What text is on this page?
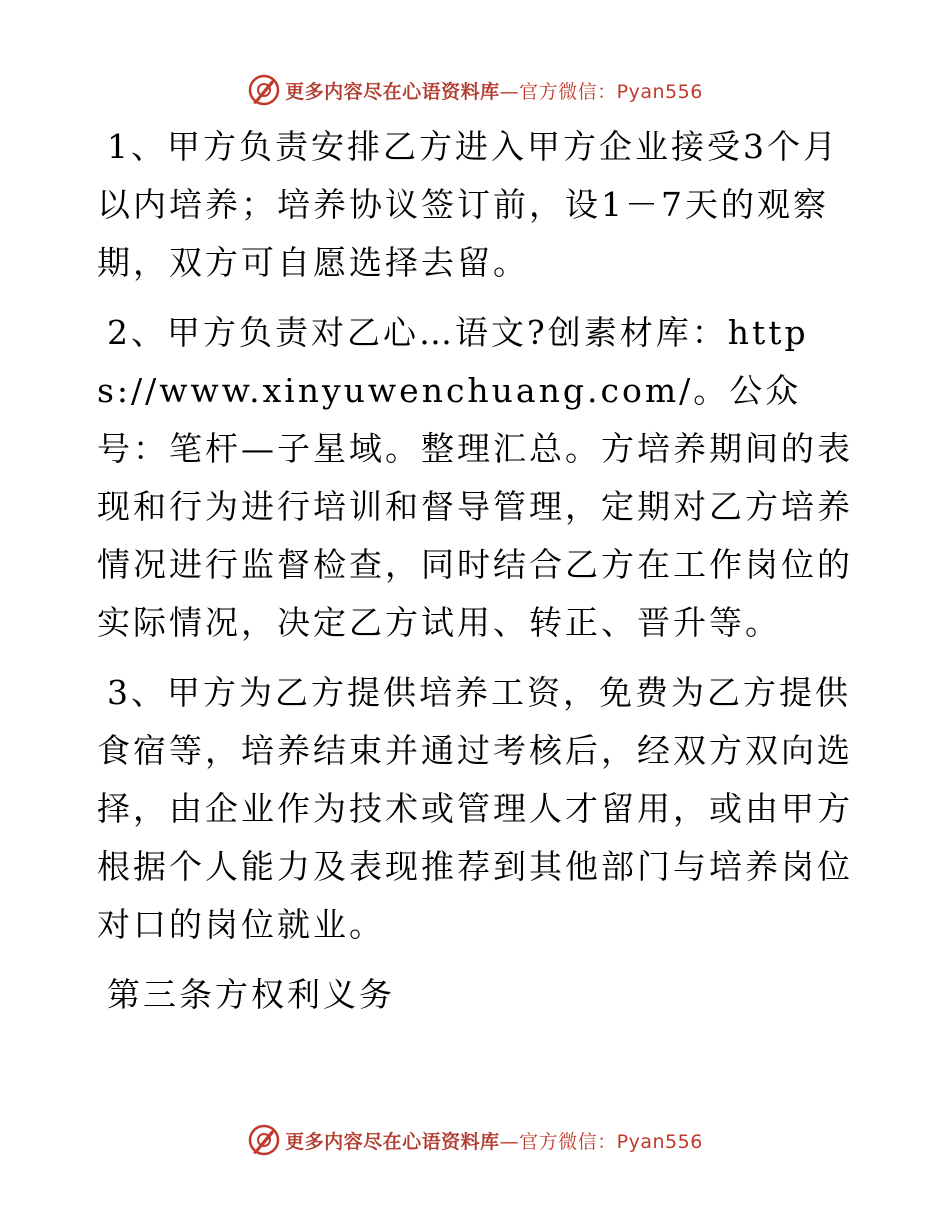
更多内容尽在心语资料库—官方微信：Pyan556

1、甲方负责安排乙方进入甲方企业接受3个月以内培养；培养协议签订前，设1－7天的观察期，双方可自愿选择去留。

2、甲方负责对乙心…语文?创素材库：https://www.xinyuwenchuang.com/。公众号：笔杆—子星域。整理汇总。方培养期间的表现和行为进行培训和督导管理，定期对乙方培养情况进行监督检查，同时结合乙方在工作岗位的实际情况，决定乙方试用、转正、晋升等。

3、甲方为乙方提供培养工资，免费为乙方提供食宿等，培养结束并通过考核后，经双方双向选择，由企业作为技术或管理人才留用，或由甲方根据个人能力及表现推荐到其他部门与培养岗位对口的岗位就业。

第三条方权利义务

更多内容尽在心语资料库—官方微信：Pyan556
